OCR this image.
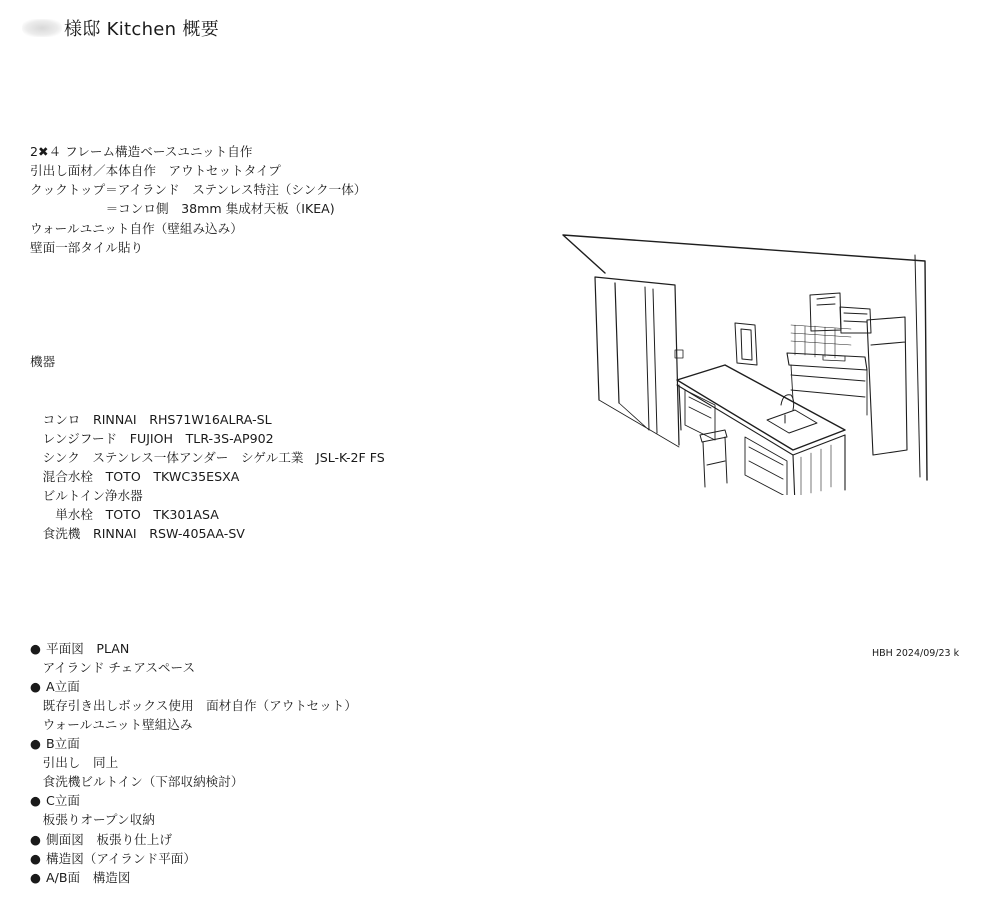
様邸 Kitchen 概要

2✖４ フレーム構造ベースユニット自作
引出し面材／本体自作　アウトセットタイプ
クックトップ＝アイランド　ステンレス特注（シンク一体）
　　　　　　＝コンロ側　38mm 集成材天板（IKEA)
ウォールユニット自作（壁組み込み）
壁面一部タイル貼り

機器

　コンロ　RINNAI　RHS71W16ALRA-SL
　レンジフード　FUJIOH　TLR-3S-AP902
　シンク　ステンレス一体アンダー　シゲル工業　JSL-K-2F FS
　混合水栓　TOTO　TKWC35ESXA
　ビルトイン浄水器
　　単水栓　TOTO　TK301ASA
　食洗機　RINNAI　RSW-405AA-SV

● 平面図　PLAN
　アイランド チェアスペース
● A立面
　既存引き出しボックス使用　面材自作（アウトセット）
　ウォールユニット壁組込み
● B立面
　引出し　同上
　食洗機ビルトイン（下部収納検討）
● C立面
　板張りオープン収納
● 側面図　板張り仕上げ
● 構造図（アイランド平面）
● A/B面　構造図

HBH 2024/09/23 k
